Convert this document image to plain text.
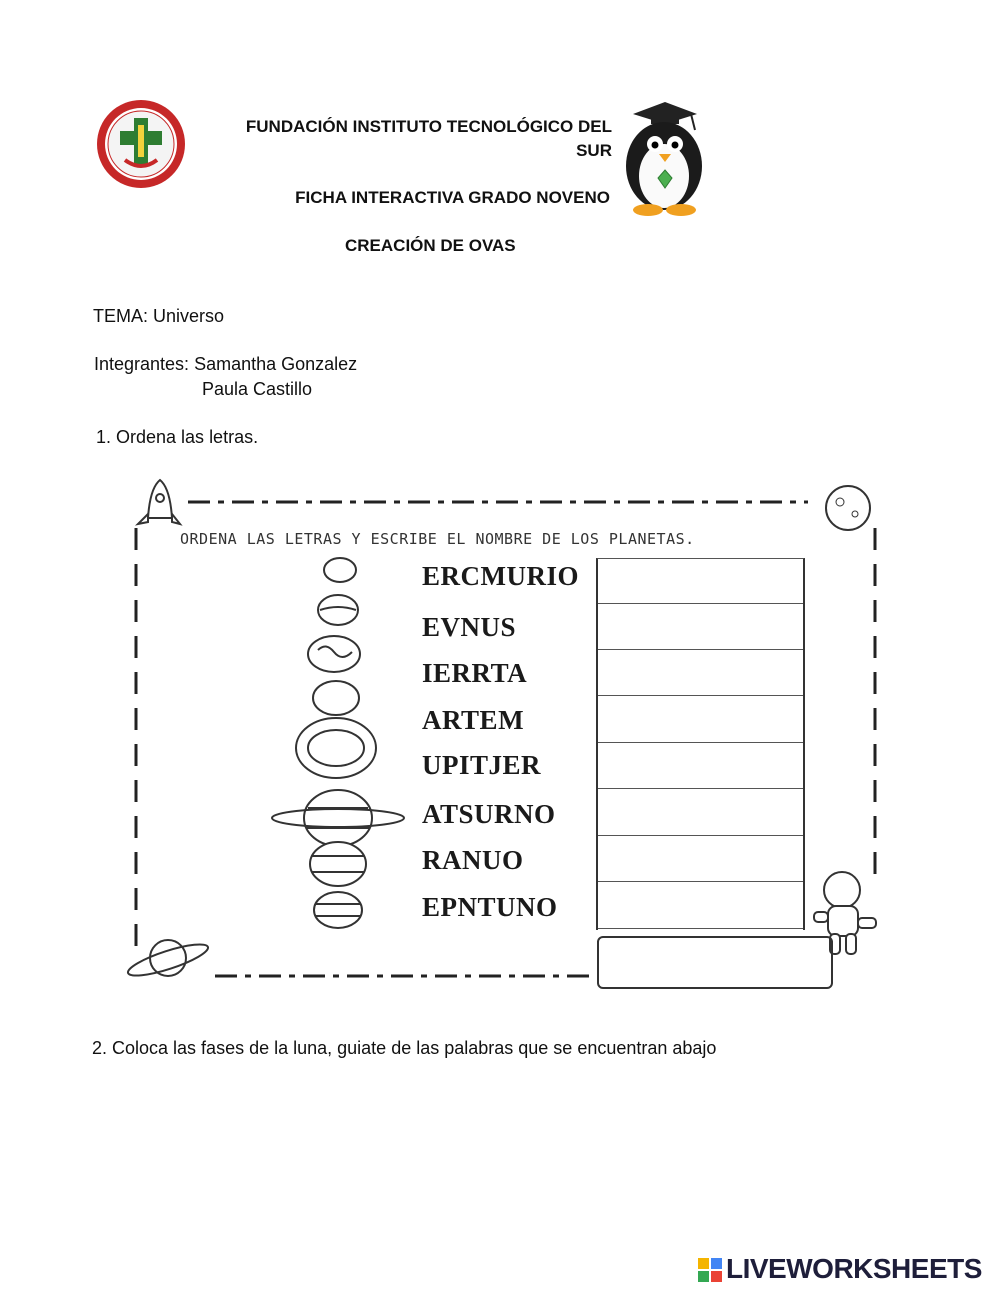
FUNDACIÓN INSTITUTO TECNOLÓGICO DEL
SUR
FICHA INTERACTIVA GRADO NOVENO
CREACIÓN DE OVAS
TEMA: Universo
Integrantes: Samantha Gonzalez
Paula Castillo
1. Ordena las letras.
ORDENA LAS LETRAS Y ESCRIBE EL NOMBRE DE LOS PLANETAS.
ERCMURIO
EVNUS
IERRTA
ARTEM
UPITJER
ATSURNO
RANUO
EPNTUNO
2. Coloca las fases de la luna, guiate de las palabras que se encuentran abajo
LIVEWORKSHEETS
